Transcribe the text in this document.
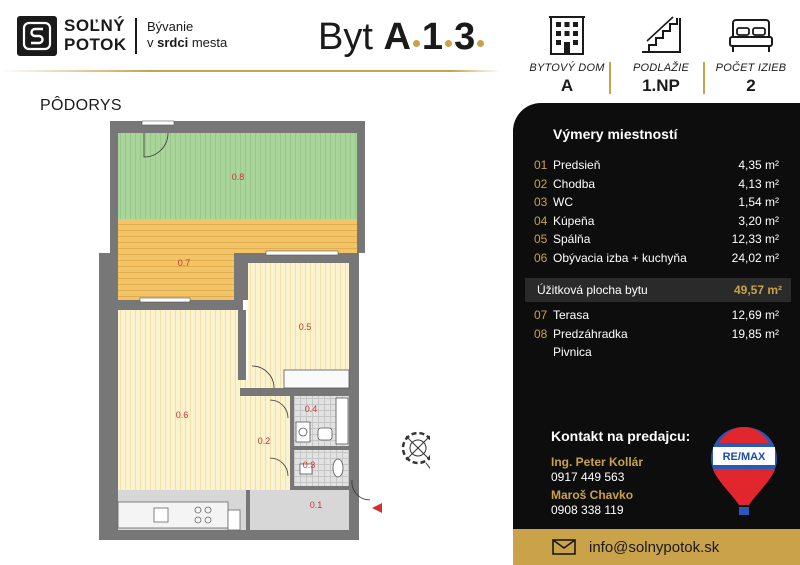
SOĽNÝ
POTOK
Bývanie
v srdci mesta Byt A 1 3
BYTOVÝ DOM
A
PODLAŽIE
1.NP
POČET IZIEB
2
PÔDORYS
0.8
0.7
0.5
0.6
0.2
0.4
0.3
0.1
Výmery miestností
01 Predsieň	4,35 m²
02 Chodba	4,13 m²
03 WC	1,54 m²
04 Kúpeňa	3,20 m²
05 Spálňa	12,33 m²
06 Obývacia izba + kuchyňa	24,02 m²
Úžitková plocha bytu	49,57 m²
07 Terasa	12,69 m²
08 Predzáhradka	19,85 m²
Pivnica
Kontakt na predajcu:
Ing. Peter Kollár
0917 449 563
Maroš Chavko
0908 338 119
RE/MAX
info@solnypotok.sk
